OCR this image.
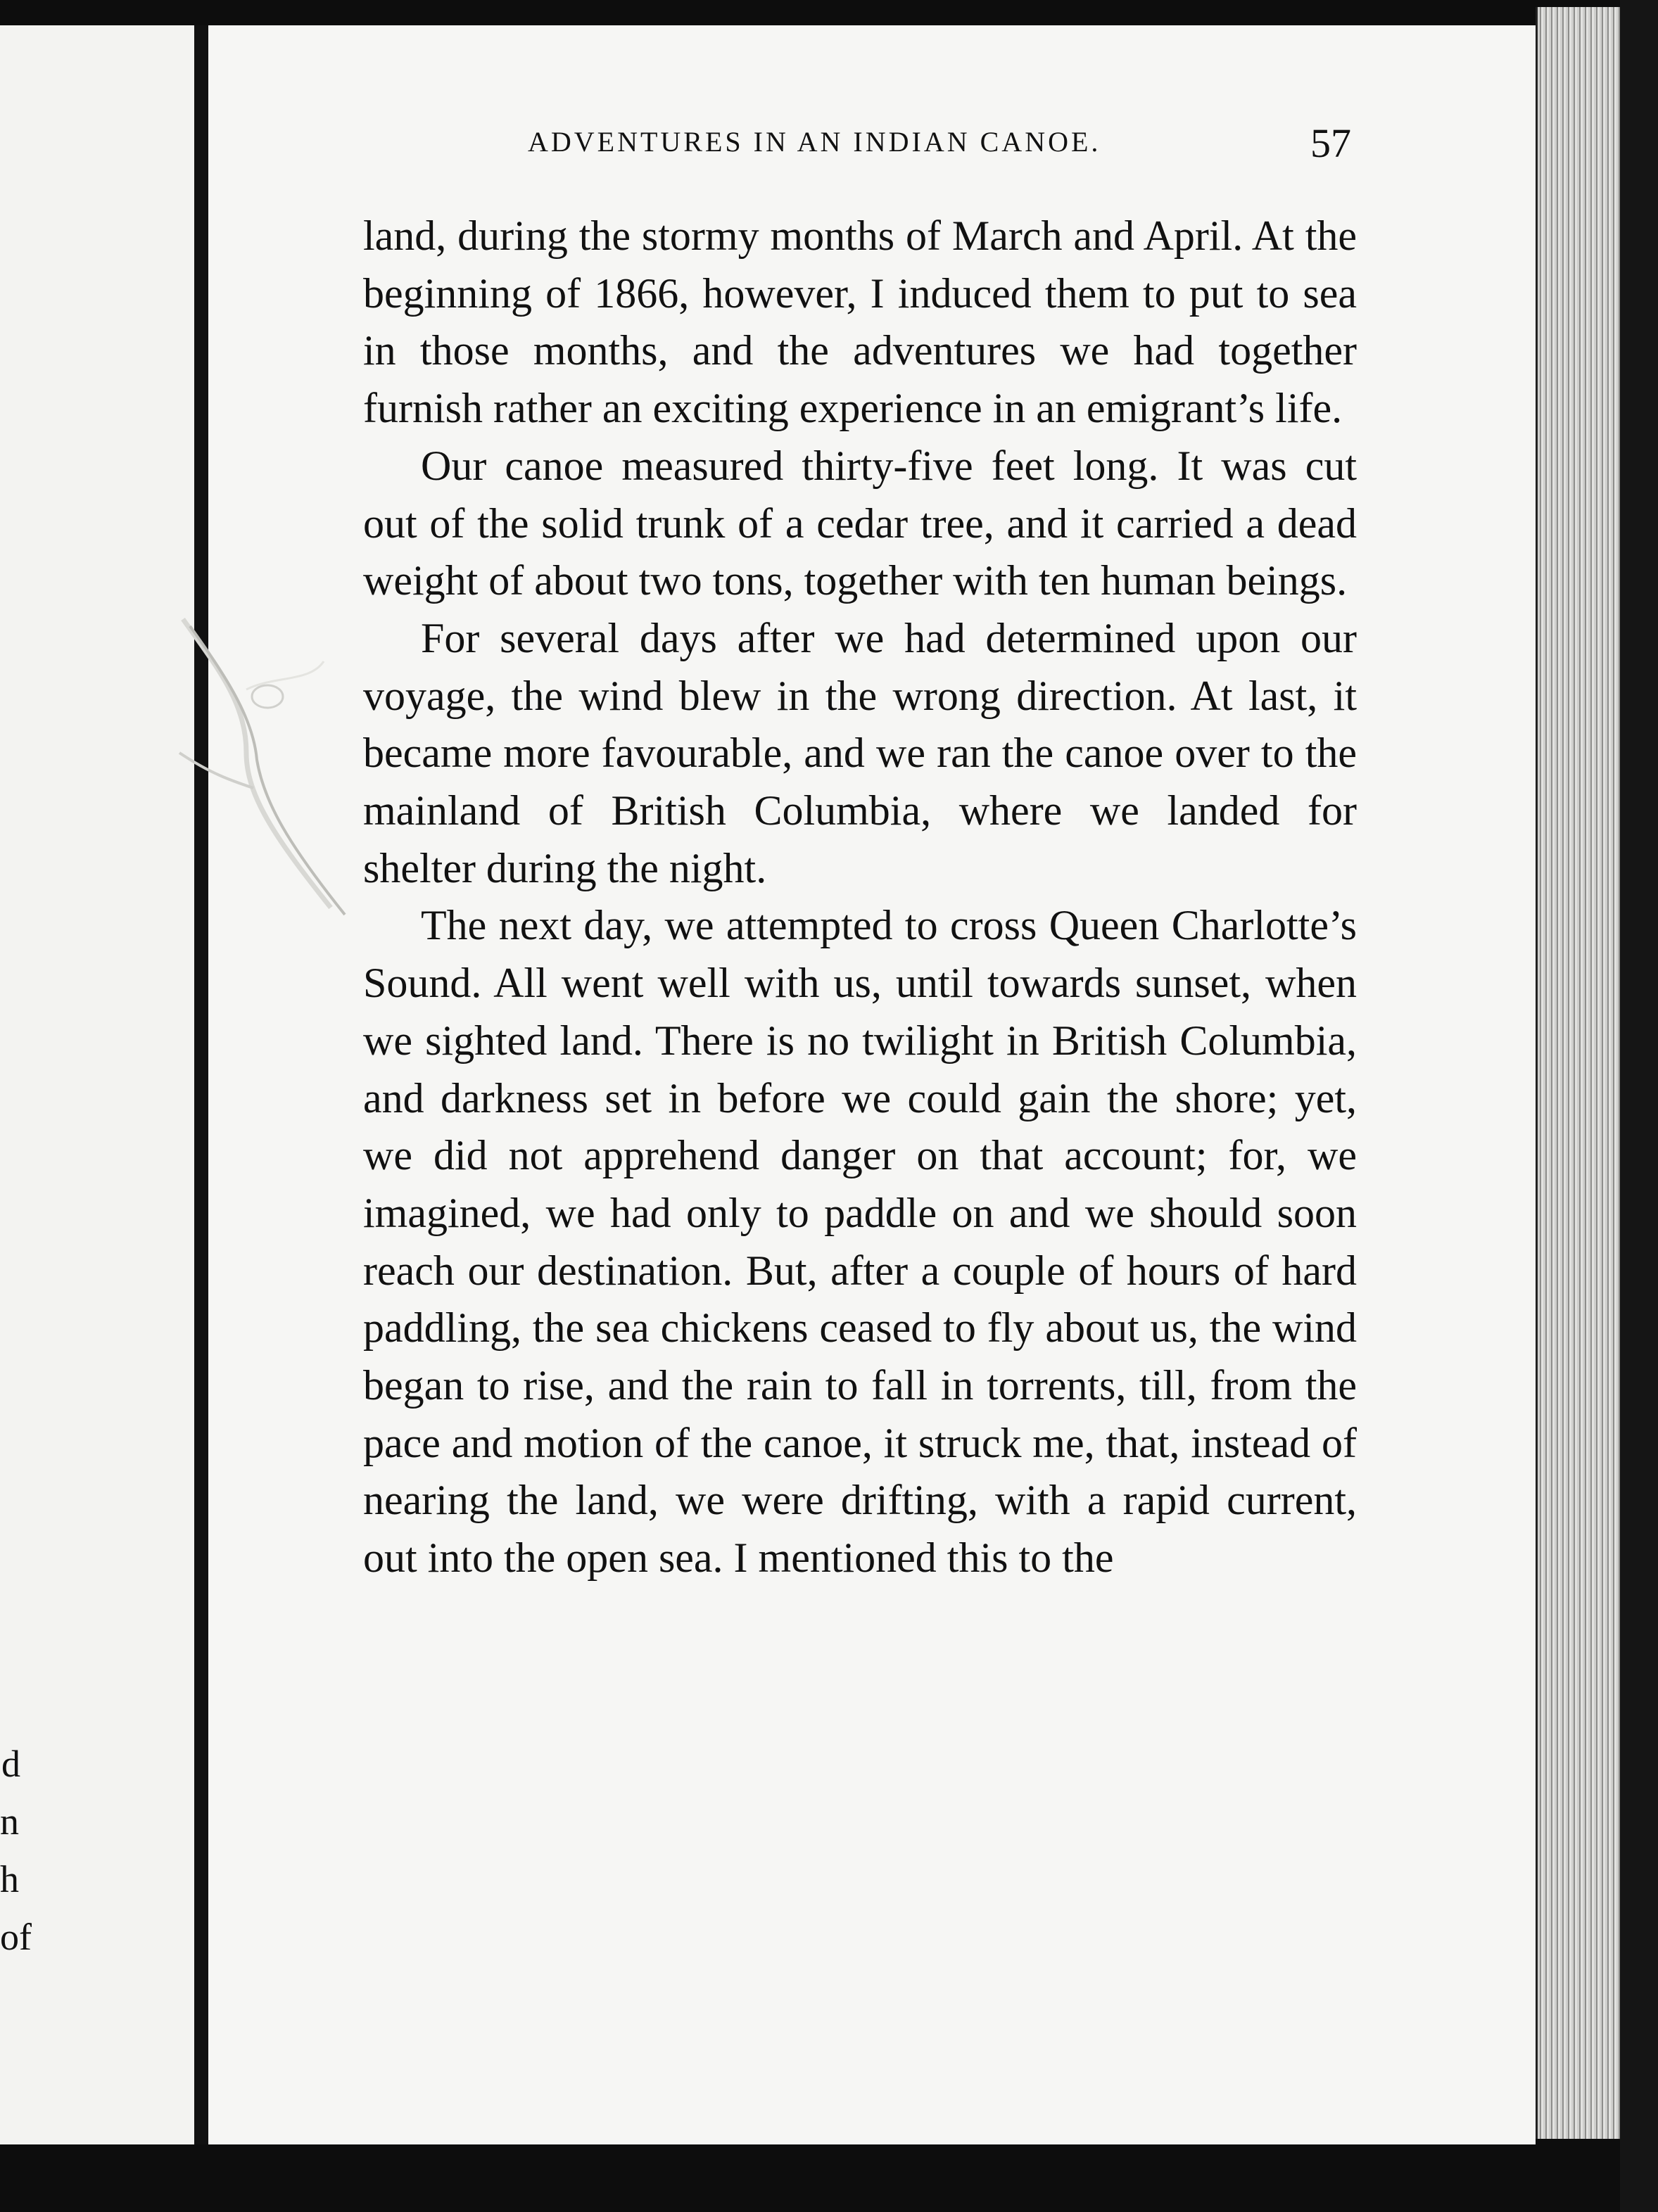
d
n
h
of
ADVENTURES IN AN INDIAN CANOE.	57

land, during the stormy months of March and April. At the beginning of 1866, however, I induced them to put to sea in those months, and the adventures we had together furnish rather an exciting experience in an emigrant’s life.

Our canoe measured thirty-five feet long. It was cut out of the solid trunk of a cedar tree, and it carried a dead weight of about two tons, together with ten human beings.

For several days after we had determined upon our voyage, the wind blew in the wrong direction. At last, it became more favourable, and we ran the canoe over to the mainland of British Columbia, where we landed for shelter during the night.

The next day, we attempted to cross Queen Charlotte’s Sound. All went well with us, until towards sunset, when we sighted land. There is no twilight in British Columbia, and darkness set in before we could gain the shore; yet, we did not apprehend danger on that account; for, we imagined, we had only to paddle on and we should soon reach our destination. But, after a couple of hours of hard paddling, the sea chickens ceased to fly about us, the wind began to rise, and the rain to fall in torrents, till, from the pace and motion of the canoe, it struck me, that, instead of nearing the land, we were drifting, with a rapid current, out into the open sea. I mentioned this to the
